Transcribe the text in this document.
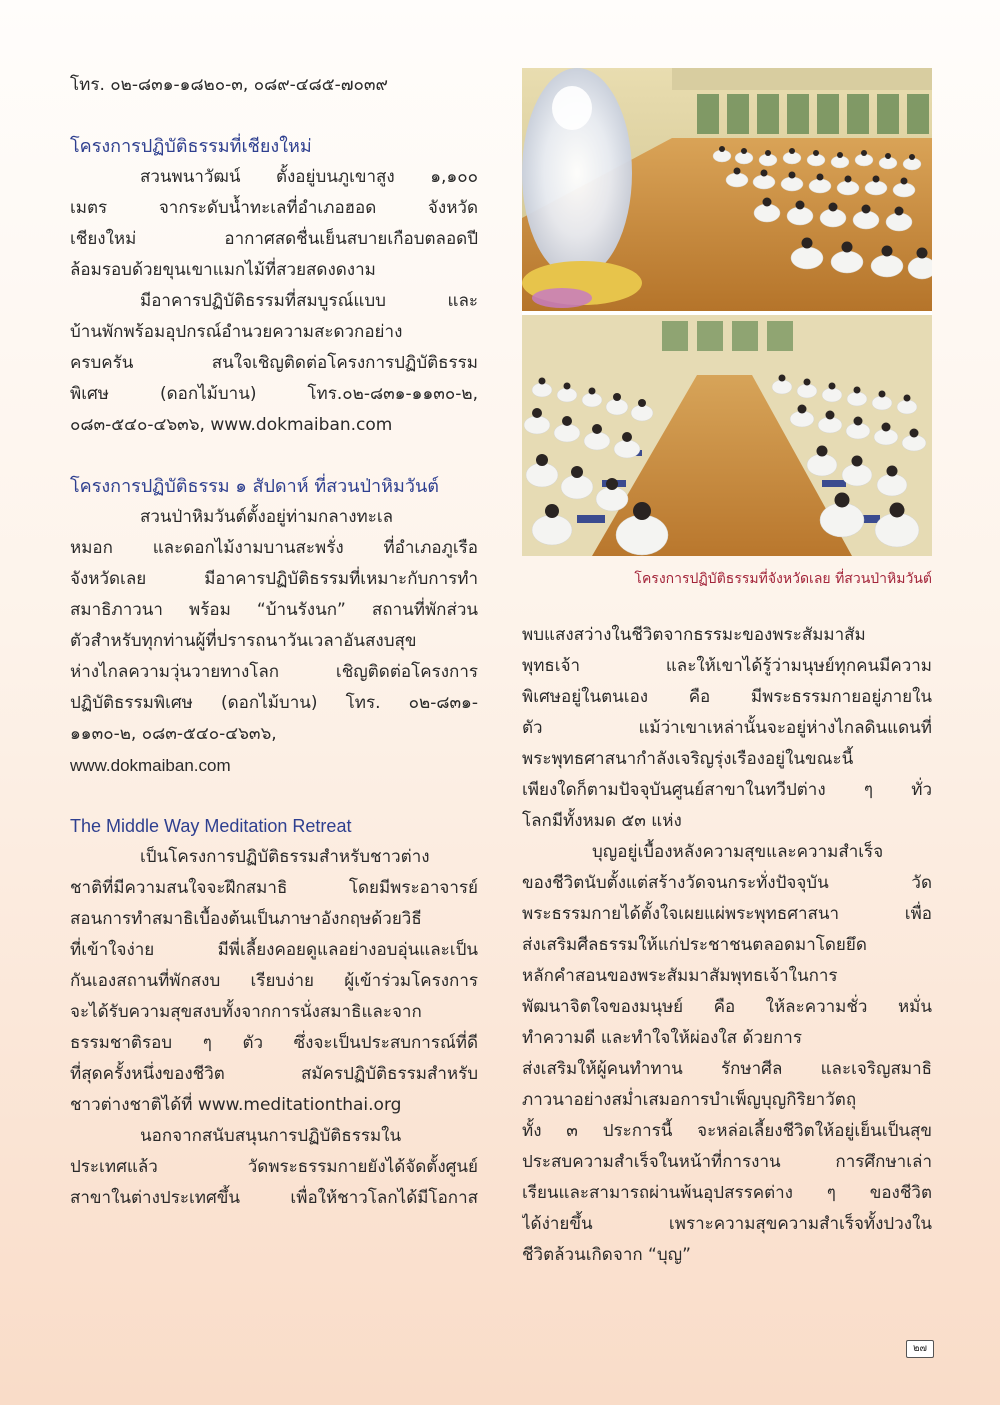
โทร. ๐๒-๘๓๑-๑๘๒๐-๓, ๐๘๙-๔๘๕-๗๐๓๙
โครงการปฏิบัติธรรมที่เชียงใหม่
สวนพนาวัฒน์ ตั้งอยู่บนภูเขาสูง ๑,๑๐๐
เมตร จากระดับน้ำทะเลที่อำเภอฮอด จังหวัด
เชียงใหม่ อากาศสดชื่นเย็นสบายเกือบตลอดปี
ล้อมรอบด้วยขุนเขาแมกไม้ที่สวยสดงดงาม
มีอาคารปฏิบัติธรรมที่สมบูรณ์แบบ และ
บ้านพักพร้อมอุปกรณ์อำนวยความสะดวกอย่าง
ครบครัน สนใจเชิญติดต่อโครงการปฏิบัติธรรม
พิเศษ (ดอกไม้บาน) โทร.๐๒-๘๓๑-๑๑๓๐-๒,
๐๘๓-๕๔๐-๔๖๓๖, www.dokmaiban.com
โครงการปฏิบัติธรรม ๑ สัปดาห์ ที่สวนป่าหิมวันต์
สวนป่าหิมวันต์ตั้งอยู่ท่ามกลางทะเล
หมอก และดอกไม้งามบานสะพรั่ง ที่อำเภอภูเรือ
จังหวัดเลย มีอาคารปฏิบัติธรรมที่เหมาะกับการทำ
สมาธิภาวนา พร้อม “บ้านรังนก” สถานที่พักส่วน
ตัวสำหรับทุกท่านผู้ที่ปรารถนาวันเวลาอันสงบสุข
ห่างไกลความวุ่นวายทางโลก เชิญติดต่อโครงการ
ปฏิบัติธรรมพิเศษ (ดอกไม้บาน) โทร. ๐๒-๘๓๑-
๑๑๓๐-๒, ๐๘๓-๕๔๐-๔๖๓๖,
www.dokmaiban.com
The Middle Way Meditation Retreat
เป็นโครงการปฏิบัติธรรมสำหรับชาวต่าง
ชาติที่มีความสนใจจะฝึกสมาธิ โดยมีพระอาจารย์
สอนการทำสมาธิเบื้องต้นเป็นภาษาอังกฤษด้วยวิธี
ที่เข้าใจง่าย มีพี่เลี้ยงคอยดูแลอย่างอบอุ่นและเป็น
กันเองสถานที่พักสงบ เรียบง่าย ผู้เข้าร่วมโครงการ
จะได้รับความสุขสงบทั้งจากการนั่งสมาธิและจาก
ธรรมชาติรอบ ๆ ตัว ซึ่งจะเป็นประสบการณ์ที่ดี
ที่สุดครั้งหนึ่งของชีวิต สมัครปฏิบัติธรรมสำหรับ
ชาวต่างชาติได้ที่ www.meditationthai.org
นอกจากสนับสนุนการปฏิบัติธรรมใน
ประเทศแล้ว วัดพระธรรมกายยังได้จัดตั้งศูนย์
สาขาในต่างประเทศขึ้น เพื่อให้ชาวโลกได้มีโอกาส
โครงการปฏิบัติธรรมที่จังหวัดเลย ที่สวนป่าหิมวันต์
พบแสงสว่างในชีวิตจากธรรมะของพระสัมมาสัม
พุทธเจ้า และให้เขาได้รู้ว่ามนุษย์ทุกคนมีความ
พิเศษอยู่ในตนเอง คือ มีพระธรรมกายอยู่ภายใน
ตัว แม้ว่าเขาเหล่านั้นจะอยู่ห่างไกลดินแดนที่
พระพุทธศาสนากำลังเจริญรุ่งเรืองอยู่ในขณะนี้
เพียงใดก็ตามปัจจุบันศูนย์สาขาในทวีปต่าง ๆ ทั่ว
โลกมีทั้งหมด ๕๓ แห่ง
บุญอยู่เบื้องหลังความสุขและความสำเร็จ
ของชีวิตนับตั้งแต่สร้างวัดจนกระทั่งปัจจุบัน วัด
พระธรรมกายได้ตั้งใจเผยแผ่พระพุทธศาสนา เพื่อ
ส่งเสริมศีลธรรมให้แก่ประชาชนตลอดมาโดยยึด
หลักคำสอนของพระสัมมาสัมพุทธเจ้าในการ
พัฒนาจิตใจของมนุษย์ คือ ให้ละความชั่ว หมั่น
ทำความดี และทำใจให้ผ่องใส ด้วยการ
ส่งเสริมให้ผู้คนทำทาน รักษาศีล และเจริญสมาธิ
ภาวนาอย่างสม่ำเสมอการบำเพ็ญบุญกิริยาวัตถุ
ทั้ง ๓ ประการนี้ จะหล่อเลี้ยงชีวิตให้อยู่เย็นเป็นสุข
ประสบความสำเร็จในหน้าที่การงาน การศึกษาเล่า
เรียนและสามารถผ่านพ้นอุปสรรคต่าง ๆ ของชีวิต
ได้ง่ายขึ้น เพราะความสุขความสำเร็จทั้งปวงใน
ชีวิตล้วนเกิดจาก “บุญ”
๒๗
